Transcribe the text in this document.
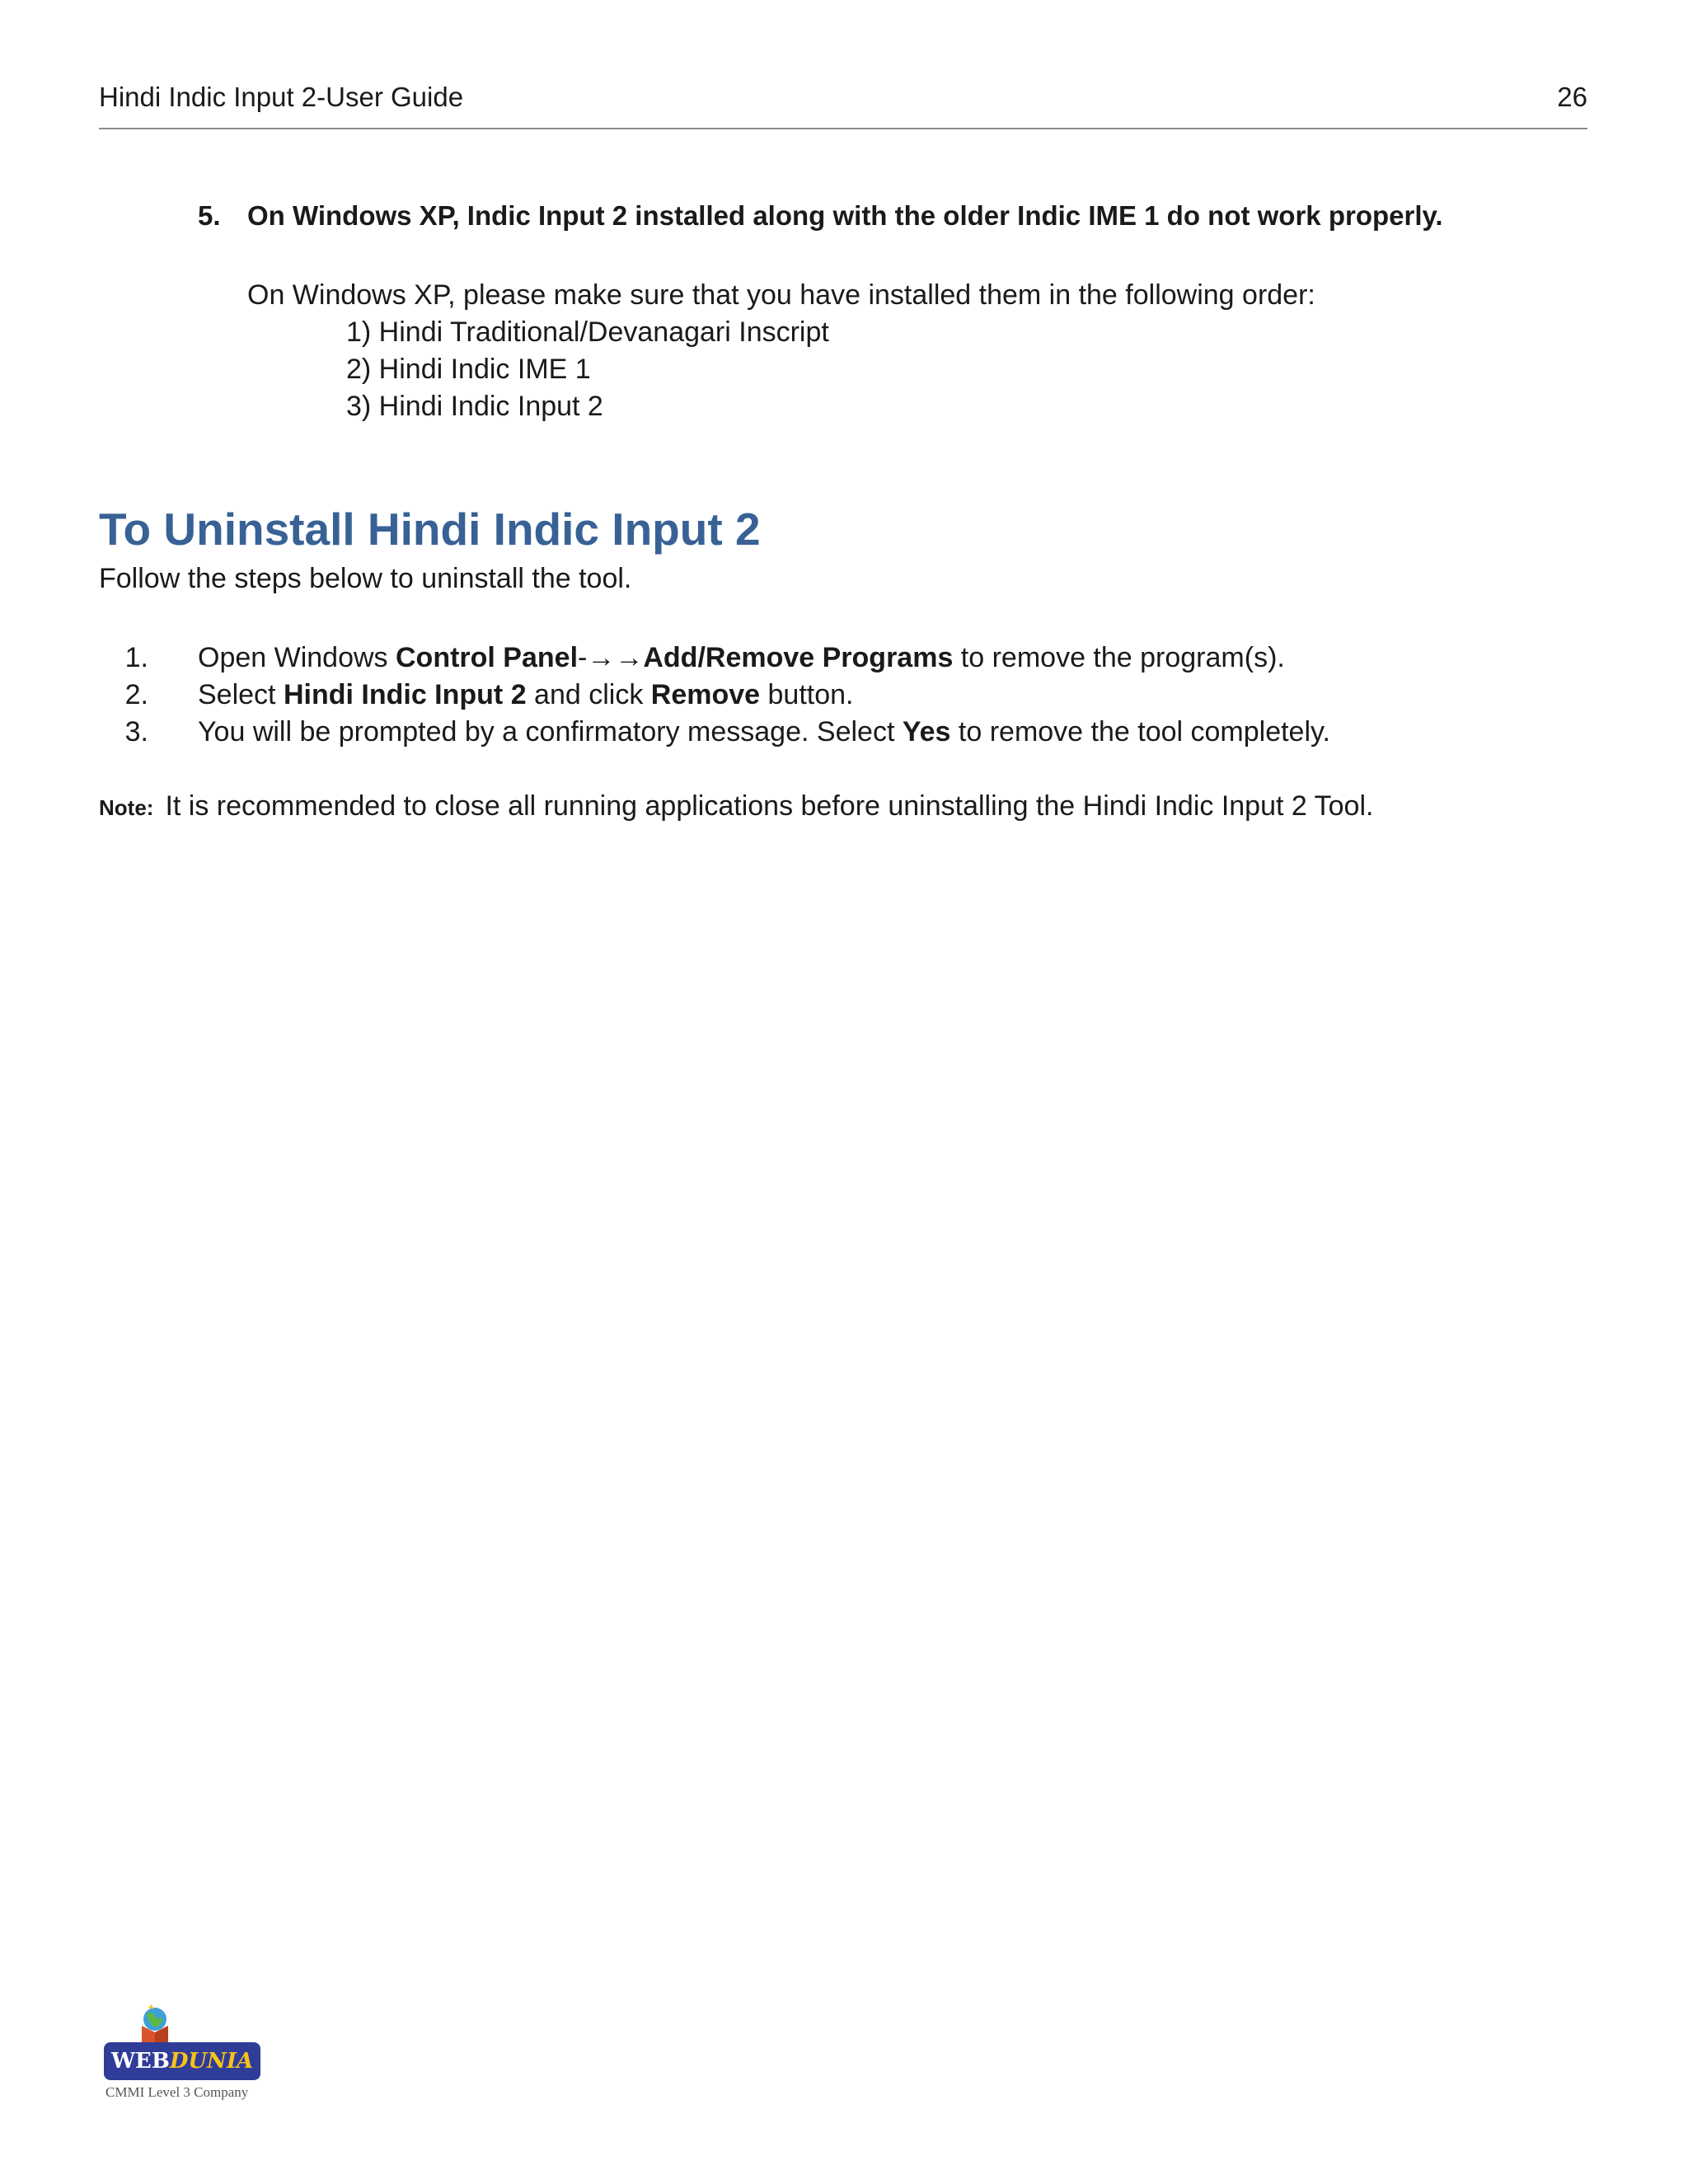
Hindi Indic Input 2-User Guide	26
5. On Windows XP, Indic Input 2 installed along with the older Indic IME 1 do not work properly.
On Windows XP, please make sure that you have installed them in the following order:
1) Hindi Traditional/Devanagari Inscript
2) Hindi Indic IME 1
3) Hindi Indic Input 2
To Uninstall Hindi Indic Input 2
Follow the steps below to uninstall the tool.
1.	Open Windows Control Panel-→→Add/Remove Programs to remove the program(s).
2.	Select Hindi Indic Input 2 and click Remove button.
3.	You will be prompted by a confirmatory message. Select Yes to remove the tool completely.
Note: It is recommended to close all running applications before uninstalling the Hindi Indic Input 2 Tool.
WEBDUNIA
CMMI Level 3 Company
